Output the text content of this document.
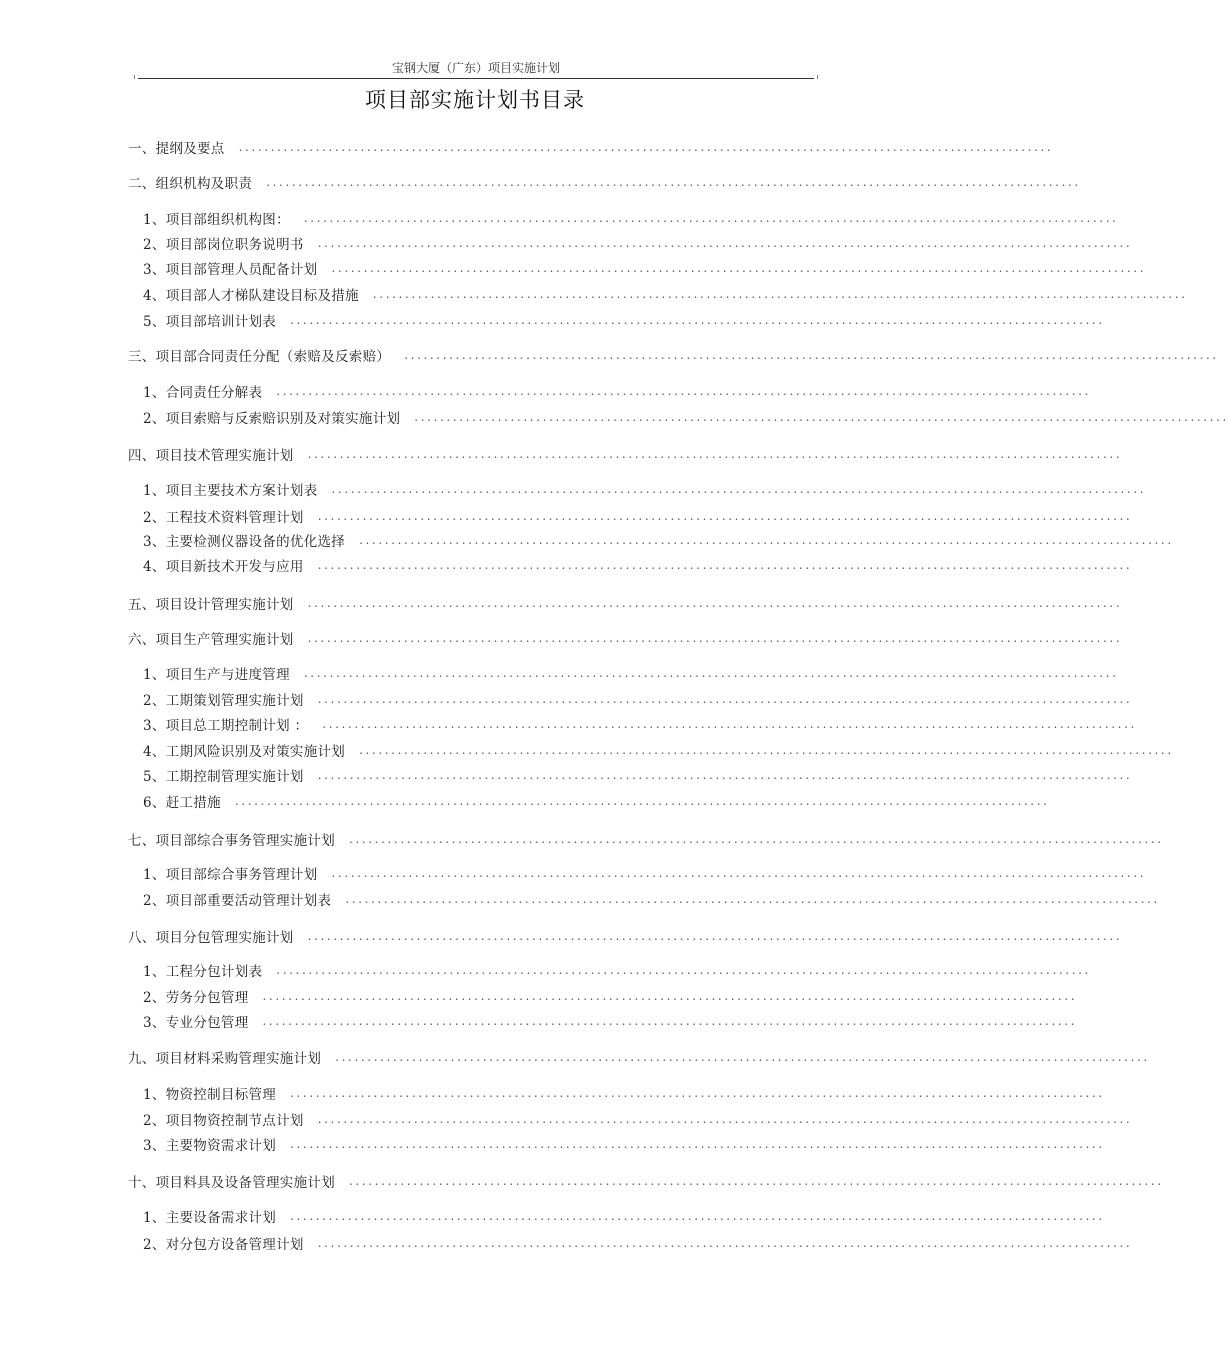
宝钢大厦（广东）项目实施计划
项目部实施计划书目录
一、提纲及要点 ...............................................................................................................................
二、组织机构及职责 ...............................................................................................................................
1、项目部组织机构图： ...............................................................................................................................
2、项目部岗位职务说明书 ...............................................................................................................................
3、项目部管理人员配备计划 ...............................................................................................................................
4、项目部人才梯队建设目标及措施 ...............................................................................................................................
5、项目部培训计划表 ...............................................................................................................................
三、项目部合同责任分配（索赔及反索赔） ...............................................................................................................................
1、合同责任分解表 ...............................................................................................................................
2、项目索赔与反索赔识别及对策实施计划 ...............................................................................................................................
四、项目技术管理实施计划 ...............................................................................................................................
1、项目主要技术方案计划表 ...............................................................................................................................
2、工程技术资料管理计划 ...............................................................................................................................
3、主要检测仪器设备的优化选择 ...............................................................................................................................
4、项目新技术开发与应用 ...............................................................................................................................
五、项目设计管理实施计划 ...............................................................................................................................
六、项目生产管理实施计划 ...............................................................................................................................
1、项目生产与进度管理 ...............................................................................................................................
2、工期策划管理实施计划 ...............................................................................................................................
3、项目总工期控制计划 ： ...............................................................................................................................
4、工期风险识别及对策实施计划 ...............................................................................................................................
5、工期控制管理实施计划 ...............................................................................................................................
6、赶工措施 ...............................................................................................................................
七、项目部综合事务管理实施计划 ...............................................................................................................................
1、项目部综合事务管理计划 ...............................................................................................................................
2、项目部重要活动管理计划表 ...............................................................................................................................
八、项目分包管理实施计划 ...............................................................................................................................
1、工程分包计划表 ...............................................................................................................................
2、劳务分包管理 ...............................................................................................................................
3、专业分包管理 ...............................................................................................................................
九、项目材料采购管理实施计划 ...............................................................................................................................
1、物资控制目标管理 ...............................................................................................................................
2、项目物资控制节点计划 ...............................................................................................................................
3、主要物资需求计划 ...............................................................................................................................
十、项目料具及设备管理实施计划 ...............................................................................................................................
1、主要设备需求计划 ...............................................................................................................................
2、对分包方设备管理计划 ...............................................................................................................................
